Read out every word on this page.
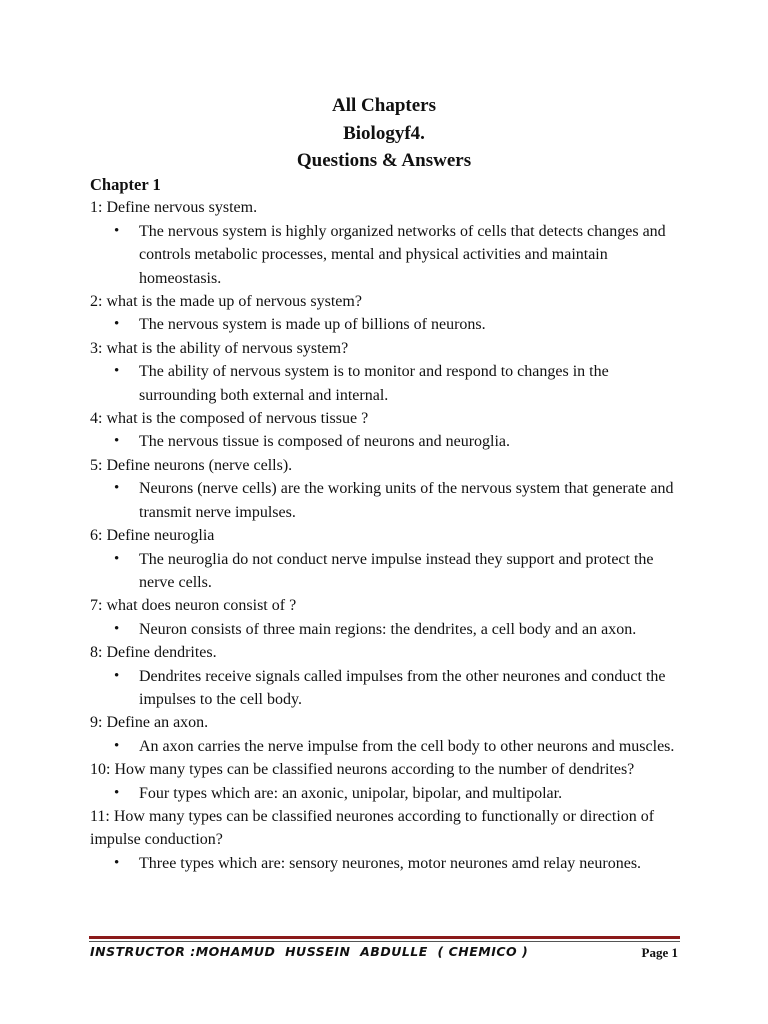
All Chapters
Biologyf4.
Questions & Answers
Chapter 1
1: Define nervous system.
• The nervous system is highly organized networks of cells that detects changes and controls metabolic processes, mental and physical activities and maintain homeostasis.
2: what is the made up of nervous system?
• The nervous system is made up of billions of neurons.
3: what is the ability of nervous system?
• The ability of nervous system is to monitor and respond to changes in the surrounding both external and internal.
4: what is the composed of nervous tissue ?
• The nervous tissue is composed of neurons and neuroglia.
5: Define neurons (nerve cells).
• Neurons (nerve cells) are the working units of the nervous system that generate and transmit nerve impulses.
6: Define neuroglia
• The neuroglia do not conduct nerve impulse instead they support and protect the nerve cells.
7: what does neuron consist of ?
• Neuron consists of three main regions: the dendrites, a cell body and an axon.
8: Define dendrites.
• Dendrites receive signals called impulses from the other neurones and conduct the impulses to the cell body.
9: Define an axon.
• An axon carries the nerve impulse from the cell body to other neurons and muscles.
10: How many types can be classified neurons according to the number of dendrites?
• Four types which are: an axonic, unipolar, bipolar, and multipolar.
11: How many types can be classified neurones according to functionally or direction of impulse conduction?
• Three types which are: sensory neurones, motor neurones amd relay neurones.
INSTRUCTOR :MOHAMUD  HUSSEIN  ABDULLE  ( CHEMICO )	Page 1
